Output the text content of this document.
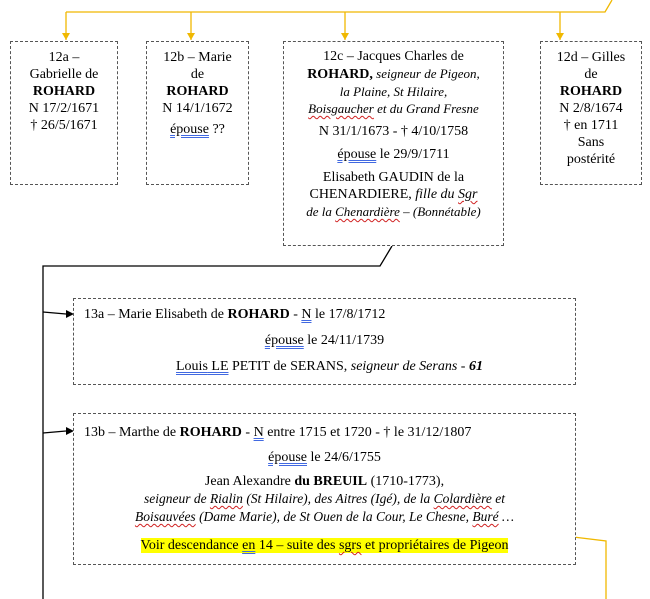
12a –

Gabrielle de

ROHARD

N 17/2/1671

† 26/5/1671

12b – Marie

de

ROHARD

N 14/1/1672

épouse ??

12c – Jacques Charles de

ROHARD, seigneur de Pigeon,

la Plaine, St Hilaire,

Boisgaucher et du Grand Fresne

N 31/1/1673 - † 4/10/1758

épouse le 29/9/1711

Elisabeth GAUDIN de la

CHENARDIERE, fille du Sgr

de la Chenardière – (Bonnétable)

12d – Gilles

de

ROHARD

N 2/8/1674

† en 1711

Sans

postérité

13a – Marie Elisabeth de ROHARD - N le 17/8/1712

épouse le 24/11/1739

Louis LE PETIT de SERANS, seigneur de Serans - 61

13b – Marthe de ROHARD - N entre 1715 et 1720 - † le 31/12/1807

épouse le 24/6/1755

Jean Alexandre du BREUIL (1710-1773),

seigneur de Rialin (St Hilaire), des Aitres (Igé), de la Colardière et

Boisauvées (Dame Marie), de St Ouen de la Cour, Le Chesne, Buré …

Voir descendance en 14 – suite des sgrs et propriétaires de Pigeon
